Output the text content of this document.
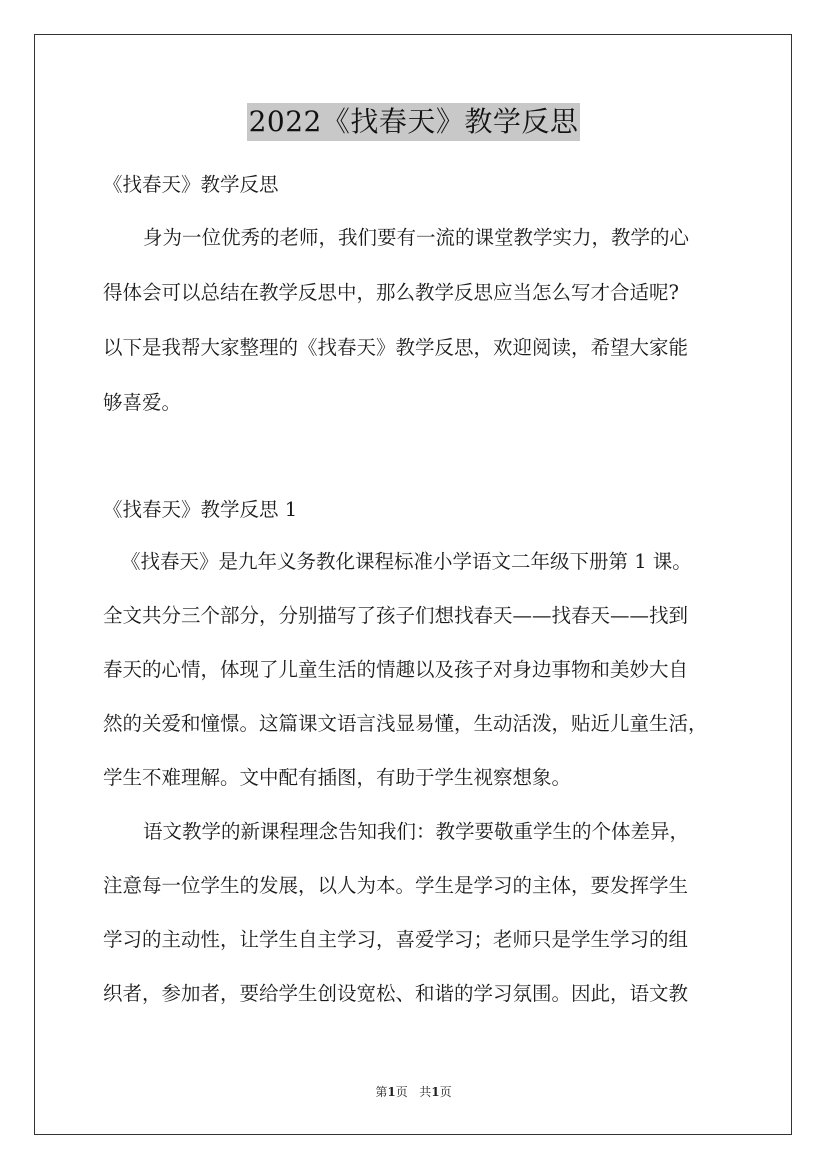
2022《找春天》教学反思
《找春天》教学反思
身为一位优秀的老师，我们要有一流的课堂教学实力，教学的心
得体会可以总结在教学反思中，那么教学反思应当怎么写才合适呢?
以下是我帮大家整理的《找春天》教学反思，欢迎阅读，希望大家能
够喜爱。
《找春天》教学反思 1
《找春天》是九年义务教化课程标准小学语文二年级下册第 1 课。
全文共分三个部分，分别描写了孩子们想找春天——找春天——找到
春天的心情，体现了儿童生活的情趣以及孩子对身边事物和美妙大自
然的关爱和憧憬。这篇课文语言浅显易懂，生动活泼，贴近儿童生活，
学生不难理解。文中配有插图，有助于学生视察想象。
语文教学的新课程理念告知我们：教学要敬重学生的个体差异，
注意每一位学生的发展，以人为本。学生是学习的主体，要发挥学生
学习的主动性，让学生自主学习，喜爱学习；老师只是学生学习的组
织者，参加者，要给学生创设宽松、和谐的学习氛围。因此，语文教
第1页 共1页
